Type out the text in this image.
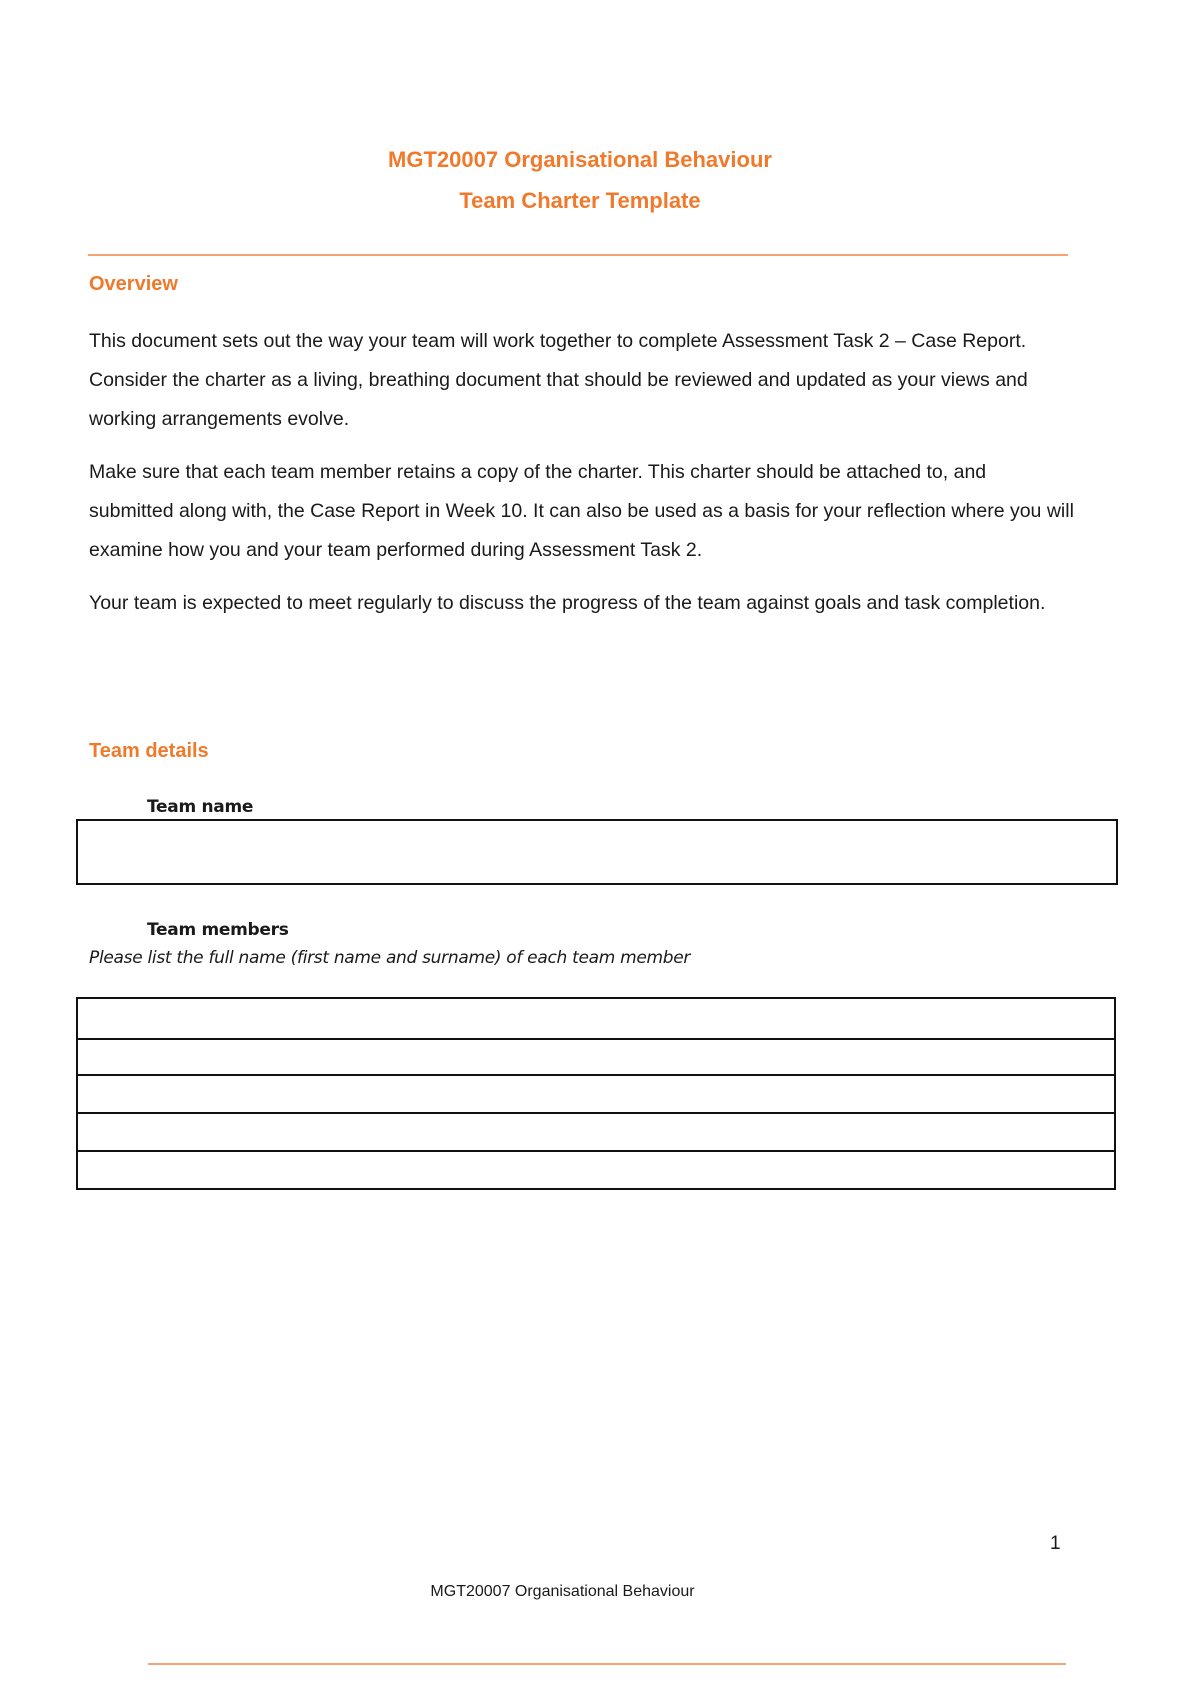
MGT20007 Organisational Behaviour
Team Charter Template
Overview

This document sets out the way your team will work together to complete Assessment Task 2 – Case Report. Consider the charter as a living, breathing document that should be reviewed and updated as your views and working arrangements evolve.

Make sure that each team member retains a copy of the charter. This charter should be attached to, and submitted along with, the Case Report in Week 10. It can also be used as a basis for your reflection where you will examine how you and your team performed during Assessment Task 2.

Your team is expected to meet regularly to discuss the progress of the team against goals and task completion.

Team details
Team name
Team members
Please list the full name (first name and surname) of each team member

1
MGT20007 Organisational Behaviour
